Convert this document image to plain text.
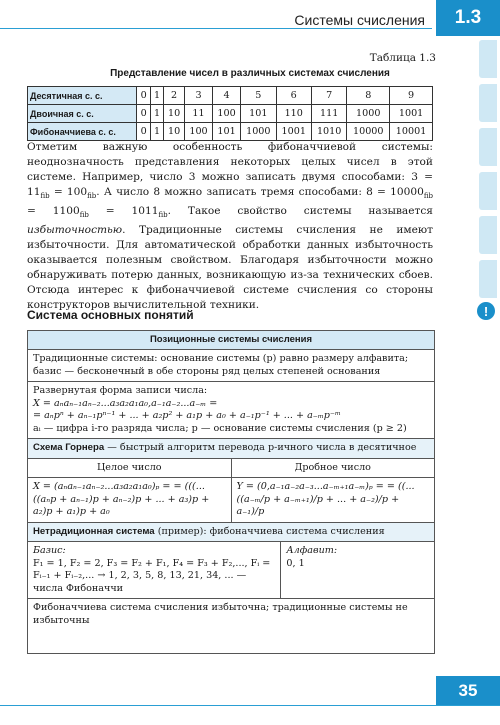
Системы счисления	1.3
!
Таблица 1.3
Представление чисел в различных системах счисления
Десятичная с. с.	0	1	2	3	4	5	6	7	8	9
Двоичная с. с.	0	1	10	11	100	101	110	111	1000	1001
Фибоначчиева с. с.	0	1	10	100	101	1000	1001	1010	10000	10001
Отметим важную особенность фибоначчиевой системы: неоднозначность представления некоторых целых чисел в этой системе. Например, число 3 можно записать двумя способами: $3 = 11_{fib} = 100_{fib}$. А число 8 можно записать тремя способами: $8 = 10000_{fib} = 1100_{fib} = 1011_{fib}$. Такое свойство системы называется избыточностью. Традиционные системы счисления не имеют избыточности. Для автоматической обработки данных избыточность оказывается полезным свойством. Благодаря избыточности можно обнаруживать потерю данных, возникающую из-за технических сбоев. Отсюда интерес к фибоначчиевой системе счисления со стороны конструкторов вычислительной техники.
Система основных понятий
Позиционные системы счисления
Традиционные системы: основание системы (p) равно размеру алфавита; базис — бесконечный в обе стороны ряд целых степеней основания
Развернутая форма записи числа:
X = aₙaₙ₋₁aₙ₋₂...a₃a₂a₁a₀,a₋₁a₋₂...a₋ₘ =
= aₙpⁿ + aₙ₋₁pⁿ⁻¹ + ... + a₂p² + a₁p + a₀ + a₋₁p⁻¹ + ... + a₋ₘp⁻ᵐ
aᵢ — цифра i-го разряда числа; p — основание системы счисления (p ≥ 2)
Схема Горнера — быстрый алгоритм перевода p-ичного числа в десятичное
Целое число	Дробное число
X = (aₙaₙ₋₁aₙ₋₂...a₃a₂a₁a₀)ₚ = = (((...((aₙp + aₙ₋₁)p + aₙ₋₂)p + ... + a₃)p + a₂)p + a₁)p + a₀
Y = (0,a₋₁a₋₂a₋₃...a₋ₘ₊₁a₋ₘ)ₚ = = ((...((a₋ₘ/p + a₋ₘ₊₁)/p + ... + a₋₂)/p + a₋₁)/p
Нетрадиционная система (пример): фибоначчиева система счисления
Базис:
F₁ = 1, F₂ = 2, F₃ = F₂ + F₁, F₄ = F₃ + F₂,..., Fᵢ = Fᵢ₋₁ + Fᵢ₋₂,... → 1, 2, 3, 5, 8, 13, 21, 34, ... — числа Фибоначчи
Алфавит:
0, 1
Фибоначчиева система счисления избыточна; традиционные системы не избыточны
35
